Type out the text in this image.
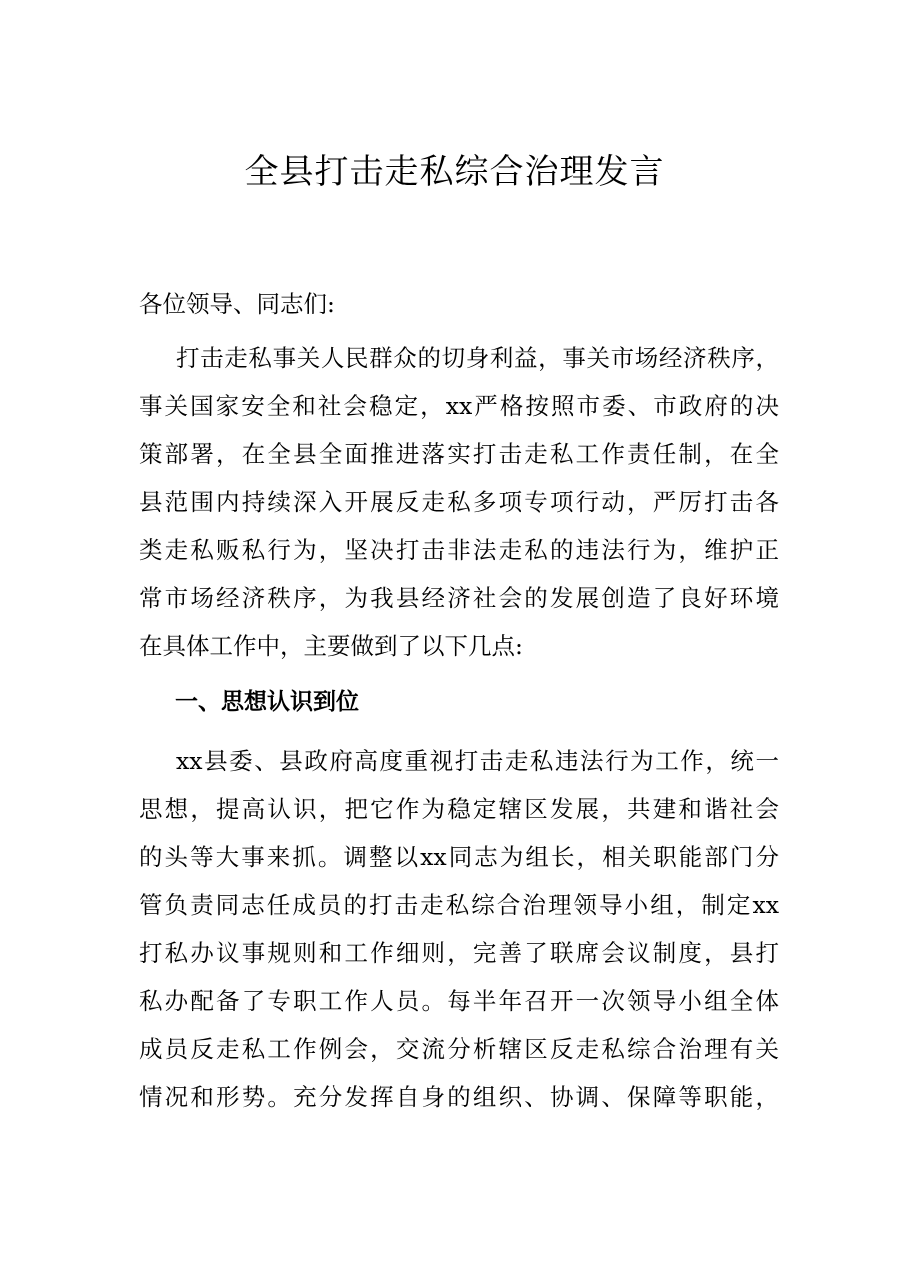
全县打击走私综合治理发言
各位领导、同志们:
打击走私事关人民群众的切身利益，事关市场经济秩序，
事关国家安全和社会稳定，xx严格按照市委、市政府的决
策部署，在全县全面推进落实打击走私工作责任制，在全
县范围内持续深入开展反走私多项专项行动，严厉打击各
类走私贩私行为，坚决打击非法走私的违法行为，维护正
常市场经济秩序，为我县经济社会的发展创造了良好环境
在具体工作中，主要做到了以下几点:
一、思想认识到位
xx县委、县政府高度重视打击走私违法行为工作，统一
思想，提高认识，把它作为稳定辖区发展，共建和谐社会
的头等大事来抓。调整以xx同志为组长，相关职能部门分
管负责同志任成员的打击走私综合治理领导小组，制定xx
打私办议事规则和工作细则，完善了联席会议制度，县打
私办配备了专职工作人员。每半年召开一次领导小组全体
成员反走私工作例会，交流分析辖区反走私综合治理有关
情况和形势。充分发挥自身的组织、协调、保障等职能，
